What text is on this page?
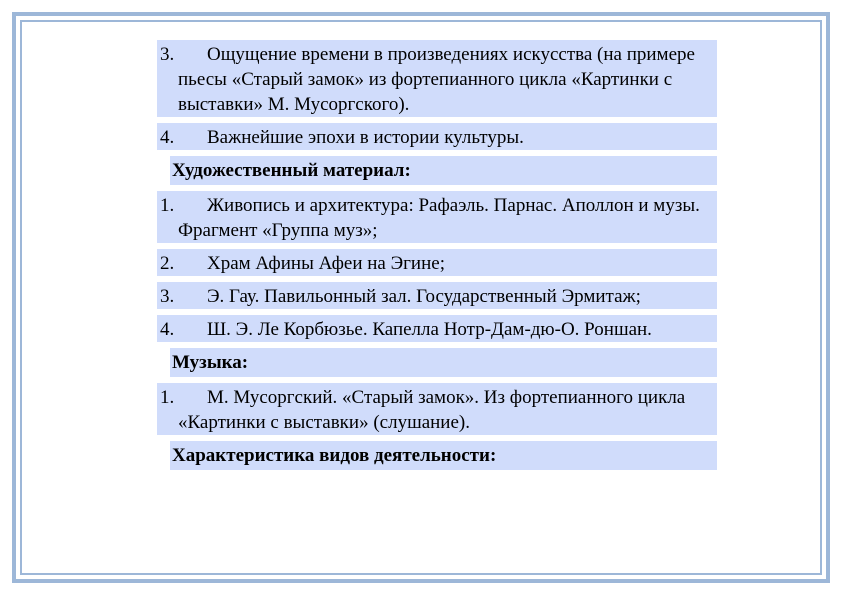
3.	Ощущение времени в произведениях искусства (на примере пьесы «Старый замок» из фортепианного цикла «Картинки с выставки» М. Мусоргского).
4.	Важнейшие эпохи в истории культуры.
Художественный материал:
1.	Живопись и архитектура: Рафаэль. Парнас. Аполлон и музы. Фрагмент «Группа муз»;
2.	Храм Афины Афеи на Эгине;
3.	Э. Гау. Павильонный зал. Государственный Эрмитаж;
4.	Ш. Э. Ле Корбюзье. Капелла Нотр-Дам-дю-О. Роншан.
Музыка:
1.	М. Мусоргский. «Старый замок». Из фортепианного цикла «Картинки с выставки» (слушание).
Характеристика видов деятельности:
